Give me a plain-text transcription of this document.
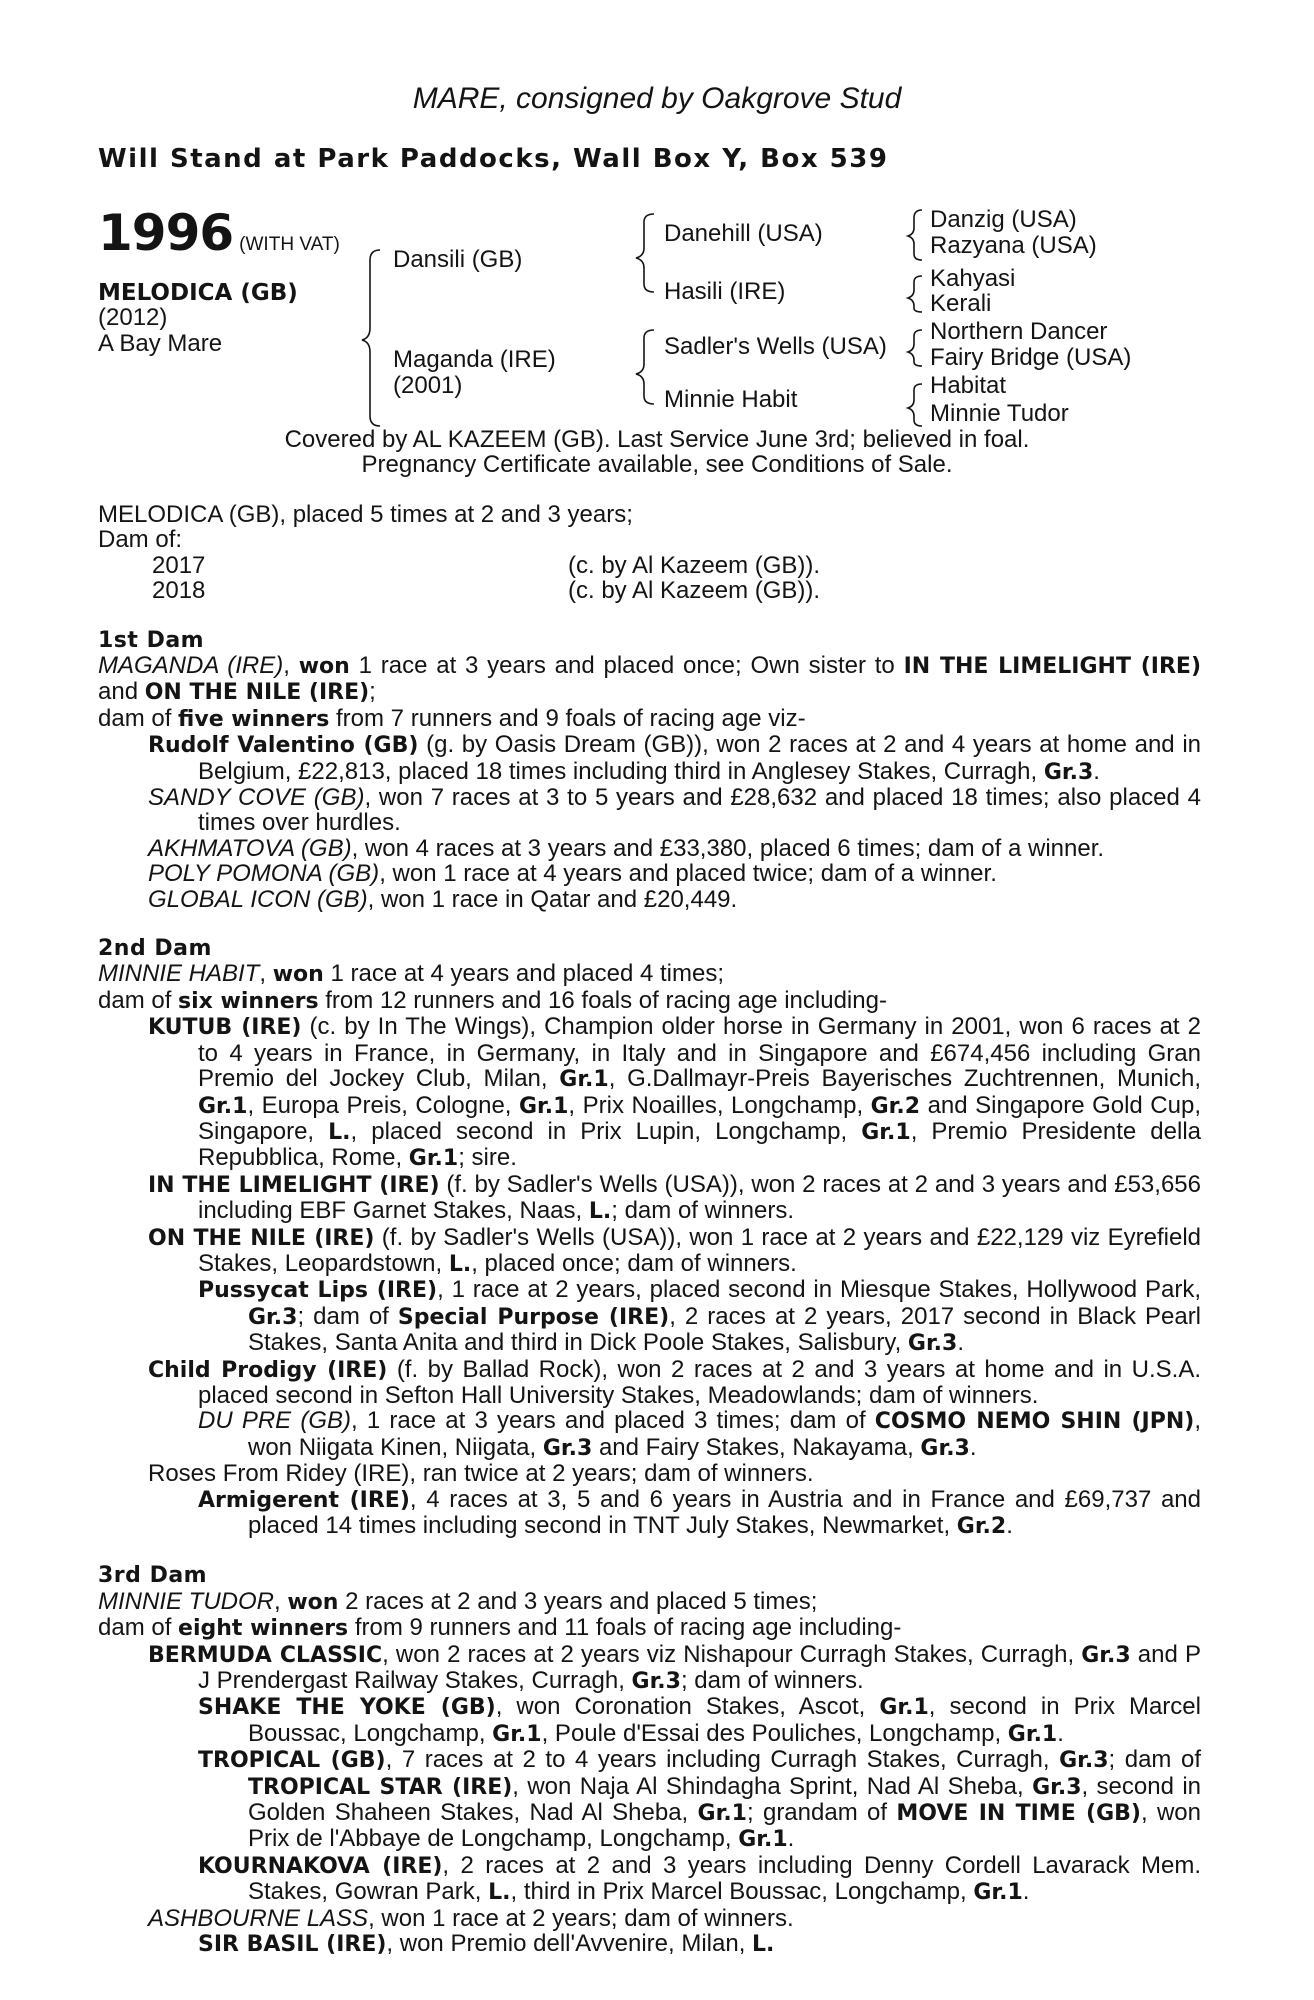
MARE, consigned by Oakgrove Stud
Will Stand at Park Paddocks, Wall Box Y, Box 539
1996 (WITH VAT)
MELODICA (GB)
(2012)
A Bay Mare
Dansili (GB)
Maganda (IRE)
(2001)
Danehill (USA)
Hasili (IRE)
Sadler's Wells (USA)
Minnie Habit
Danzig (USA)
Razyana (USA)
Kahyasi
Kerali
Northern Dancer
Fairy Bridge (USA)
Habitat
Minnie Tudor
Covered by AL KAZEEM (GB). Last Service June 3rd; believed in foal.
Pregnancy Certificate available, see Conditions of Sale.

MELODICA (GB), placed 5 times at 2 and 3 years;

Dam of:

2017	(c. by Al Kazeem (GB)).
2018	(c. by Al Kazeem (GB)).

1st Dam

MAGANDA (IRE), won 1 race at 3 years and placed once; Own sister to IN THE LIMELIGHT (IRE) and ON THE NILE (IRE);

dam of five winners from 7 runners and 9 foals of racing age viz-

Rudolf Valentino (GB) (g. by Oasis Dream (GB)), won 2 races at 2 and 4 years at home and in Belgium, £22,813, placed 18 times including third in Anglesey Stakes, Curragh, Gr.3.

SANDY COVE (GB), won 7 races at 3 to 5 years and £28,632 and placed 18 times; also placed 4 times over hurdles.

AKHMATOVA (GB), won 4 races at 3 years and £33,380, placed 6 times; dam of a winner.

POLY POMONA (GB), won 1 race at 4 years and placed twice; dam of a winner.

GLOBAL ICON (GB), won 1 race in Qatar and £20,449.

2nd Dam

MINNIE HABIT, won 1 race at 4 years and placed 4 times;

dam of six winners from 12 runners and 16 foals of racing age including-

KUTUB (IRE) (c. by In The Wings), Champion older horse in Germany in 2001, won 6 races at 2 to 4 years in France, in Germany, in Italy and in Singapore and £674,456 including Gran Premio del Jockey Club, Milan, Gr.1, G.Dallmayr-Preis Bayerisches Zuchtrennen, Munich, Gr.1, Europa Preis, Cologne, Gr.1, Prix Noailles, Longchamp, Gr.2 and Singapore Gold Cup, Singapore, L., placed second in Prix Lupin, Longchamp, Gr.1, Premio Presidente della Repubblica, Rome, Gr.1; sire.

IN THE LIMELIGHT (IRE) (f. by Sadler's Wells (USA)), won 2 races at 2 and 3 years and £53,656 including EBF Garnet Stakes, Naas, L.; dam of winners.

ON THE NILE (IRE) (f. by Sadler's Wells (USA)), won 1 race at 2 years and £22,129 viz Eyrefield Stakes, Leopardstown, L., placed once; dam of winners.

Pussycat Lips (IRE), 1 race at 2 years, placed second in Miesque Stakes, Hollywood Park, Gr.3; dam of Special Purpose (IRE), 2 races at 2 years, 2017 second in Black Pearl Stakes, Santa Anita and third in Dick Poole Stakes, Salisbury, Gr.3.

Child Prodigy (IRE) (f. by Ballad Rock), won 2 races at 2 and 3 years at home and in U.S.A. placed second in Sefton Hall University Stakes, Meadowlands; dam of winners.

DU PRE (GB), 1 race at 3 years and placed 3 times; dam of COSMO NEMO SHIN (JPN), won Niigata Kinen, Niigata, Gr.3 and Fairy Stakes, Nakayama, Gr.3.

Roses From Ridey (IRE), ran twice at 2 years; dam of winners.

Armigerent (IRE), 4 races at 3, 5 and 6 years in Austria and in France and £69,737 and placed 14 times including second in TNT July Stakes, Newmarket, Gr.2.

3rd Dam

MINNIE TUDOR, won 2 races at 2 and 3 years and placed 5 times;

dam of eight winners from 9 runners and 11 foals of racing age including-

BERMUDA CLASSIC, won 2 races at 2 years viz Nishapour Curragh Stakes, Curragh, Gr.3 and P J Prendergast Railway Stakes, Curragh, Gr.3; dam of winners.

SHAKE THE YOKE (GB), won Coronation Stakes, Ascot, Gr.1, second in Prix Marcel Boussac, Longchamp, Gr.1, Poule d'Essai des Pouliches, Longchamp, Gr.1.

TROPICAL (GB), 7 races at 2 to 4 years including Curragh Stakes, Curragh, Gr.3; dam of TROPICAL STAR (IRE), won Naja Al Shindagha Sprint, Nad Al Sheba, Gr.3, second in Golden Shaheen Stakes, Nad Al Sheba, Gr.1; grandam of MOVE IN TIME (GB), won Prix de l'Abbaye de Longchamp, Longchamp, Gr.1.

KOURNAKOVA (IRE), 2 races at 2 and 3 years including Denny Cordell Lavarack Mem. Stakes, Gowran Park, L., third in Prix Marcel Boussac, Longchamp, Gr.1.

ASHBOURNE LASS, won 1 race at 2 years; dam of winners.

SIR BASIL (IRE), won Premio dell'Avvenire, Milan, L.
